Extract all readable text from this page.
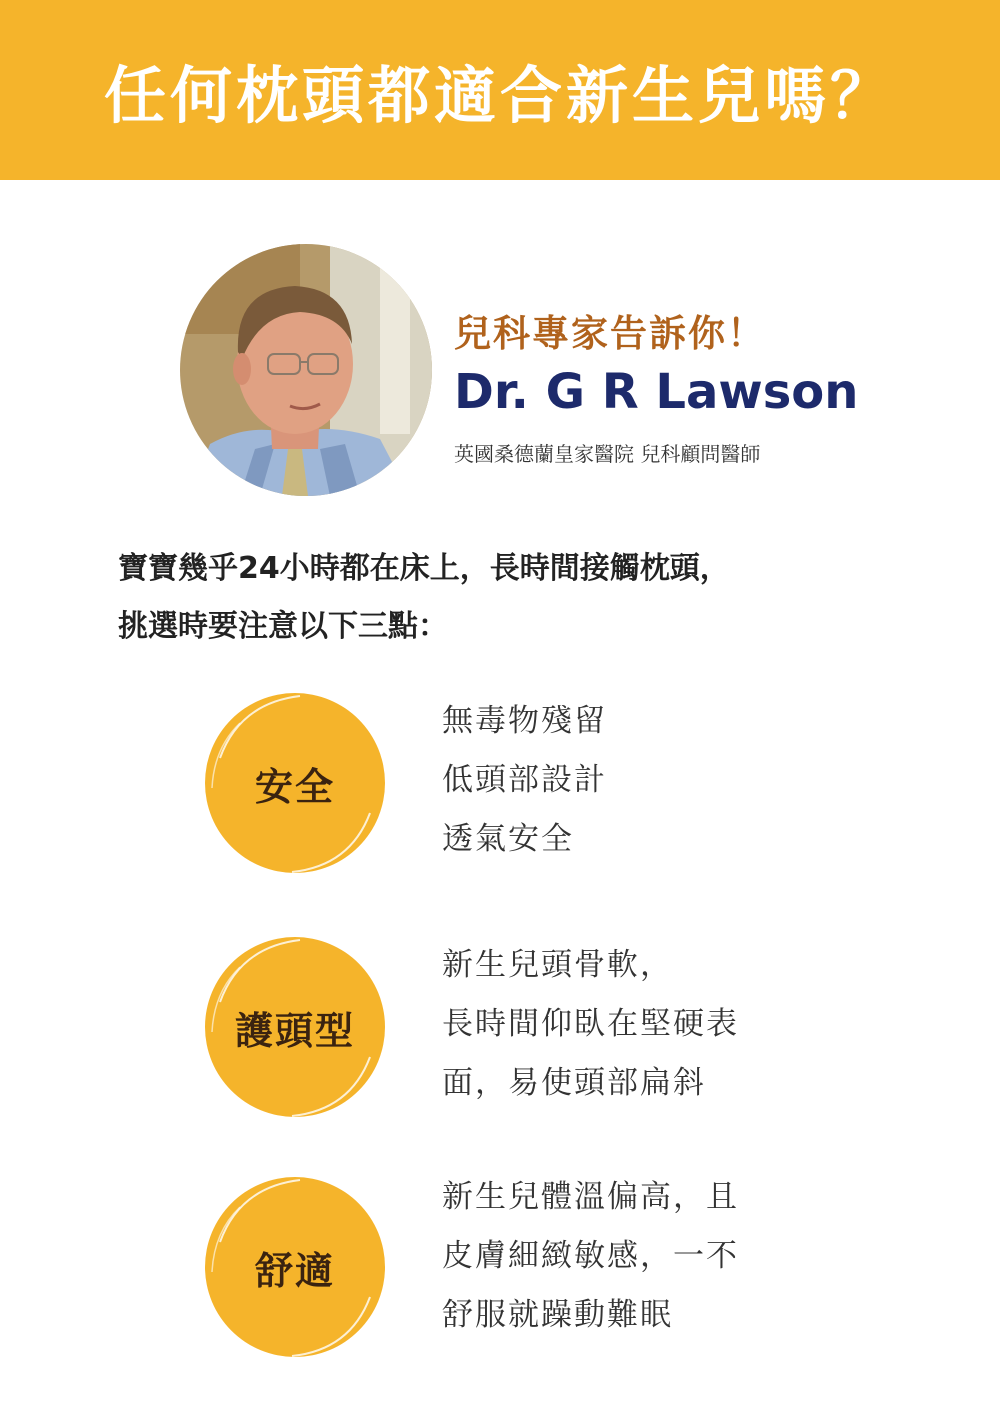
任何枕頭都適合新生兒嗎？
兒科專家告訴你！
Dr. G R Lawson
英國桑德蘭皇家醫院 兒科顧問醫師

寶寶幾乎24小時都在床上，長時間接觸枕頭，

挑選時要注意以下三點：

安全
無毒物殘留
低頭部設計
透氣安全
護頭型
新生兒頭骨軟，
長時間仰臥在堅硬表
面，易使頭部扁斜
舒適
新生兒體溫偏高，且
皮膚細緻敏感，一不
舒服就躁動難眠
